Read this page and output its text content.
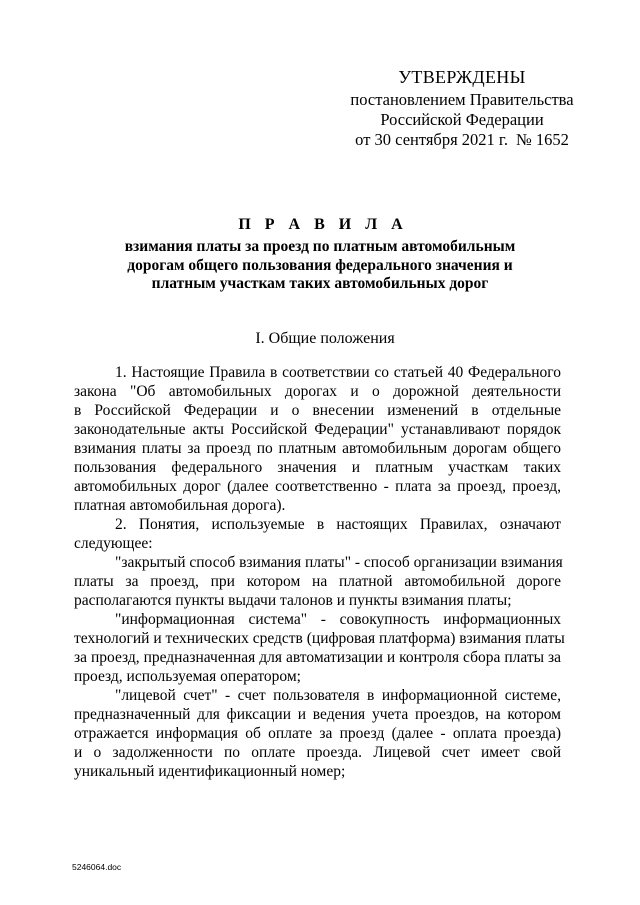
УТВЕРЖДЕНЫ
постановлением Правительства
Российской Федерации
от 30 сентября 2021 г. № 1652
П Р А В И Л А
взимания платы за проезд по платным автомобильным
дорогам общего пользования федерального значения и
платным участкам таких автомобильных дорог
I. Общие положения

1. Настоящие Правила в соответствии со статьей 40 Федерального
закона "Об автомобильных дорогах и о дорожной деятельности
в Российской Федерации и о внесении изменений в отдельные
законодательные акты Российской Федерации" устанавливают порядок
взимания платы за проезд по платным автомобильным дорогам общего
пользования федерального значения и платным участкам таких
автомобильных дорог (далее соответственно - плата за проезд, проезд,
платная автомобильная дорога).

2. Понятия, используемые в настоящих Правилах, означают
следующее:

"закрытый способ взимания платы" - способ организации взимания
платы за проезд, при котором на платной автомобильной дороге
располагаются пункты выдачи талонов и пункты взимания платы;

"информационная система" - совокупность информационных
технологий и технических средств (цифровая платформа) взимания платы
за проезд, предназначенная для автоматизации и контроля сбора платы за
проезд, используемая оператором;

"лицевой счет" - счет пользователя в информационной системе,
предназначенный для фиксации и ведения учета проездов, на котором
отражается информация об оплате за проезд (далее - оплата проезда)
и о задолженности по оплате проезда. Лицевой счет имеет свой
уникальный идентификационный номер;

5246064.doc
